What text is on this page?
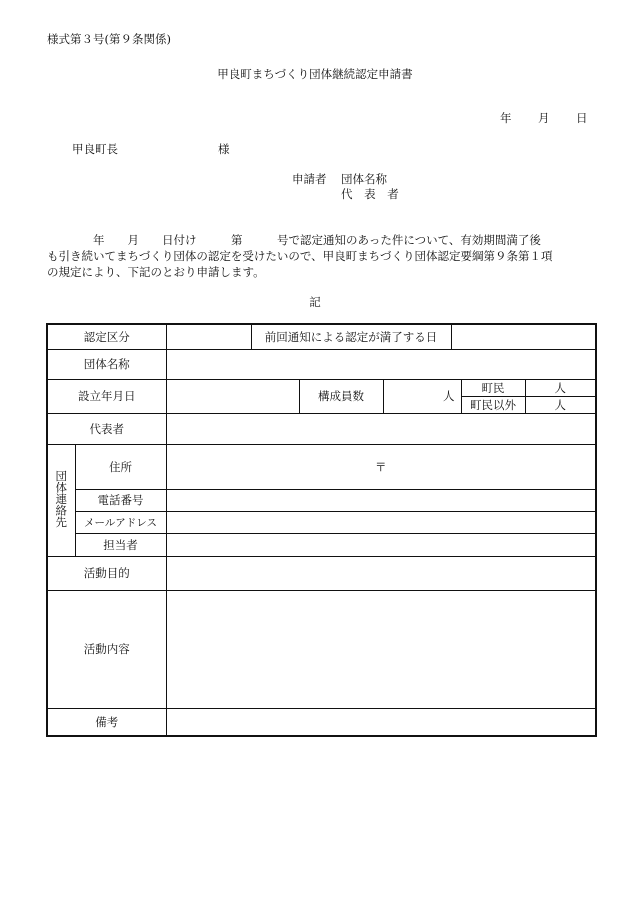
様式第３号(第９条関係)
甲良町まちづくり団体継続認定申請書
年 月 日
甲良町長	様
申請者 団体名称
代 表 者
　　　　年　　月　　日付け　　　第　　　号で認定通知のあった件について、有効期間満了後
も引き続いてまちづくり団体の認定を受けたいので、甲良町まちづくり団体認定要綱第９条第１項
の規定により、下記のとおり申請します。
記
認定区分			前回通知による認定が満了する日					
団体名称								
設立年月日				構成員数	人		町民	人
							町民以外	人
代表者								
団体連絡先	住所	〒						
	電話番号							
	メールアドレス							
	担当者							
活動目的								
活動内容								
備考								
